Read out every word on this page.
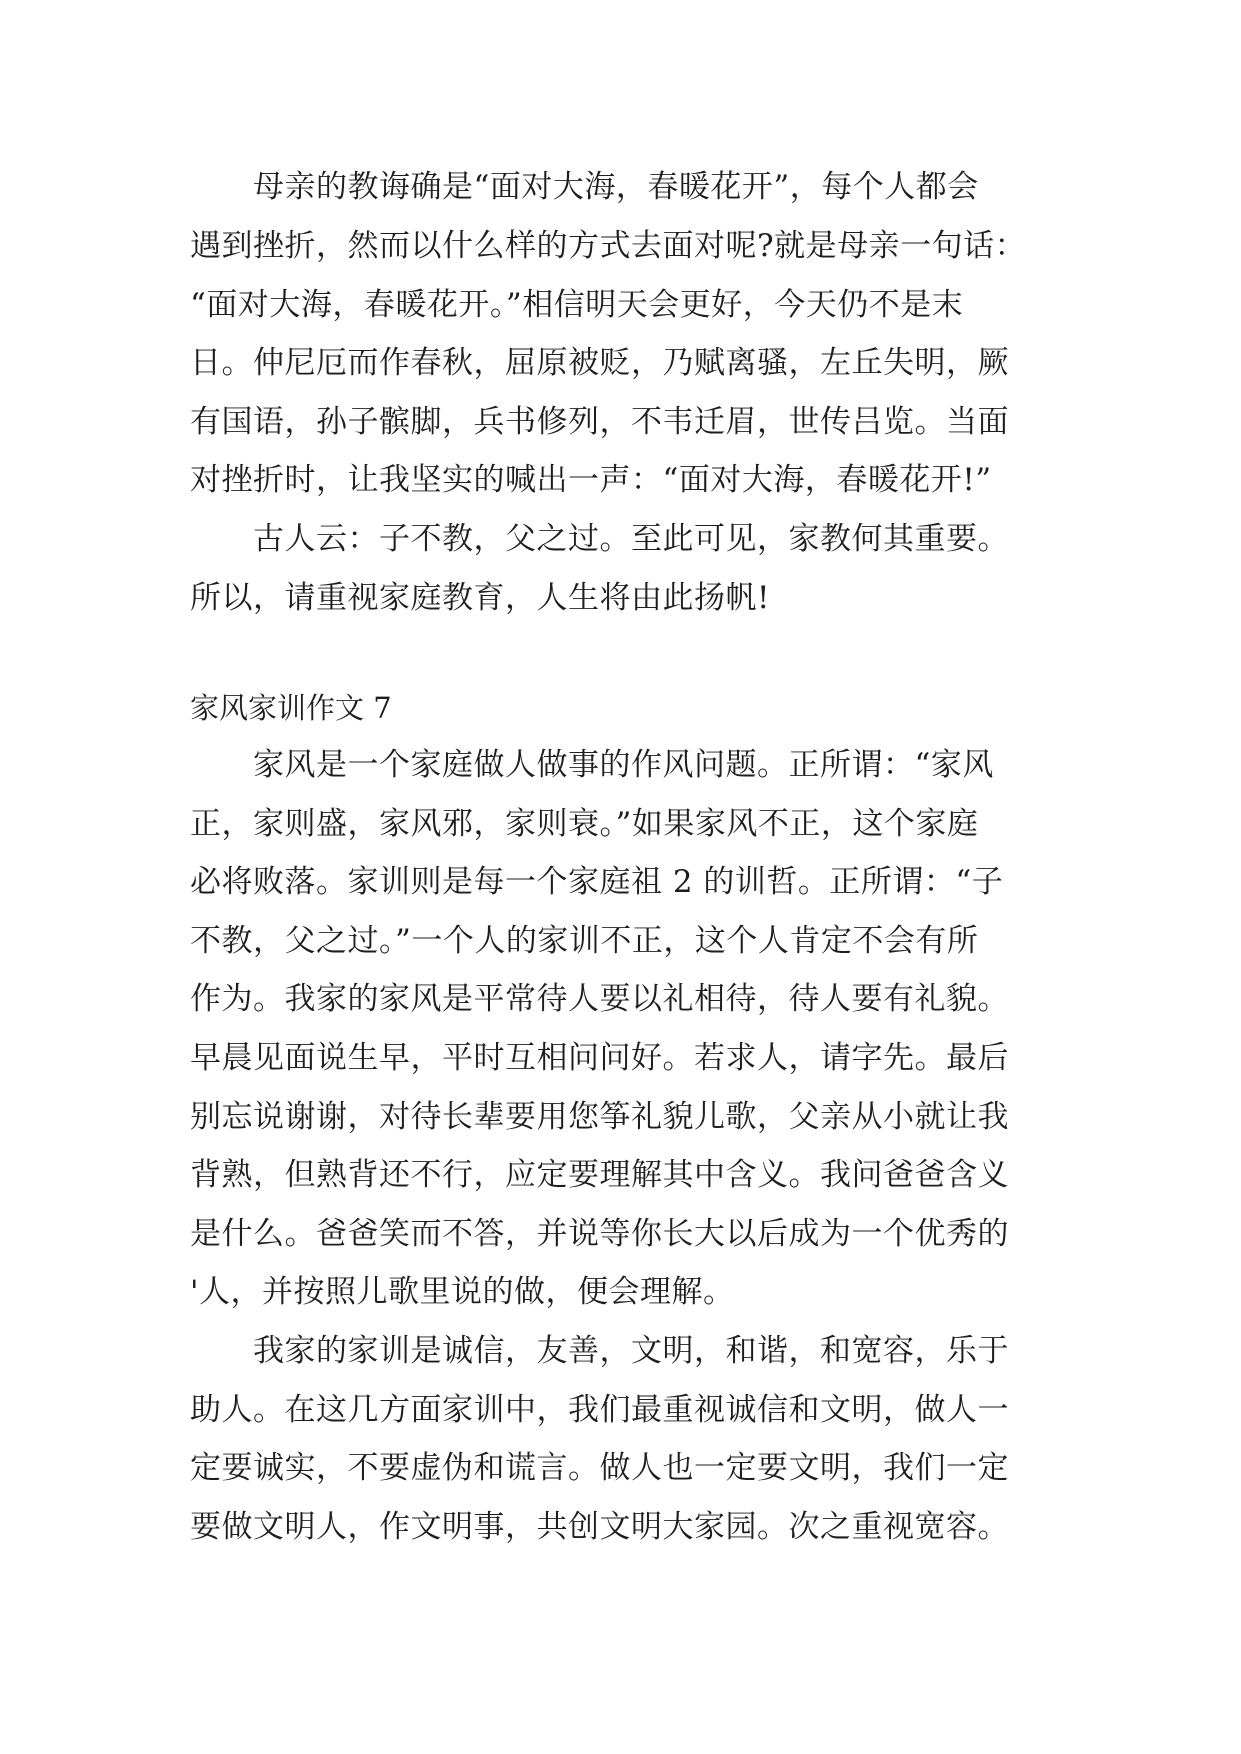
母亲的教诲确是“面对大海，春暖花开”，每个人都会
遇到挫折，然而以什么样的方式去面对呢?就是母亲一句话：
“面对大海，春暖花开。”相信明天会更好，今天仍不是末
日。仲尼厄而作春秋，屈原被贬，乃赋离骚，左丘失明，厥
有国语，孙子髌脚，兵书修列，不韦迁眉，世传吕览。当面
对挫折时，让我坚实的喊出一声：“面对大海，春暖花开!”
古人云：子不教，父之过。至此可见，家教何其重要。
所以，请重视家庭教育，人生将由此扬帆!
家风家训作文 7
家风是一个家庭做人做事的作风问题。正所谓：“家风
正，家则盛，家风邪，家则衰。”如果家风不正，这个家庭
必将败落。家训则是每一个家庭祖 2 的训哲。正所谓：“子
不教，父之过。”一个人的家训不正，这个人肯定不会有所
作为。我家的家风是平常待人要以礼相待，待人要有礼貌。
早晨见面说生早，平时互相问问好。若求人，请字先。最后
别忘说谢谢，对待长辈要用您筝礼貌儿歌，父亲从小就让我
背熟，但熟背还不行，应定要理解其中含义。我问爸爸含义
是什么。爸爸笑而不答，并说等你长大以后成为一个优秀的
'人，并按照儿歌里说的做，便会理解。
我家的家训是诚信，友善，文明，和谐，和宽容，乐于
助人。在这几方面家训中，我们最重视诚信和文明，做人一
定要诚实，不要虚伪和谎言。做人也一定要文明，我们一定
要做文明人，作文明事，共创文明大家园。次之重视宽容。
